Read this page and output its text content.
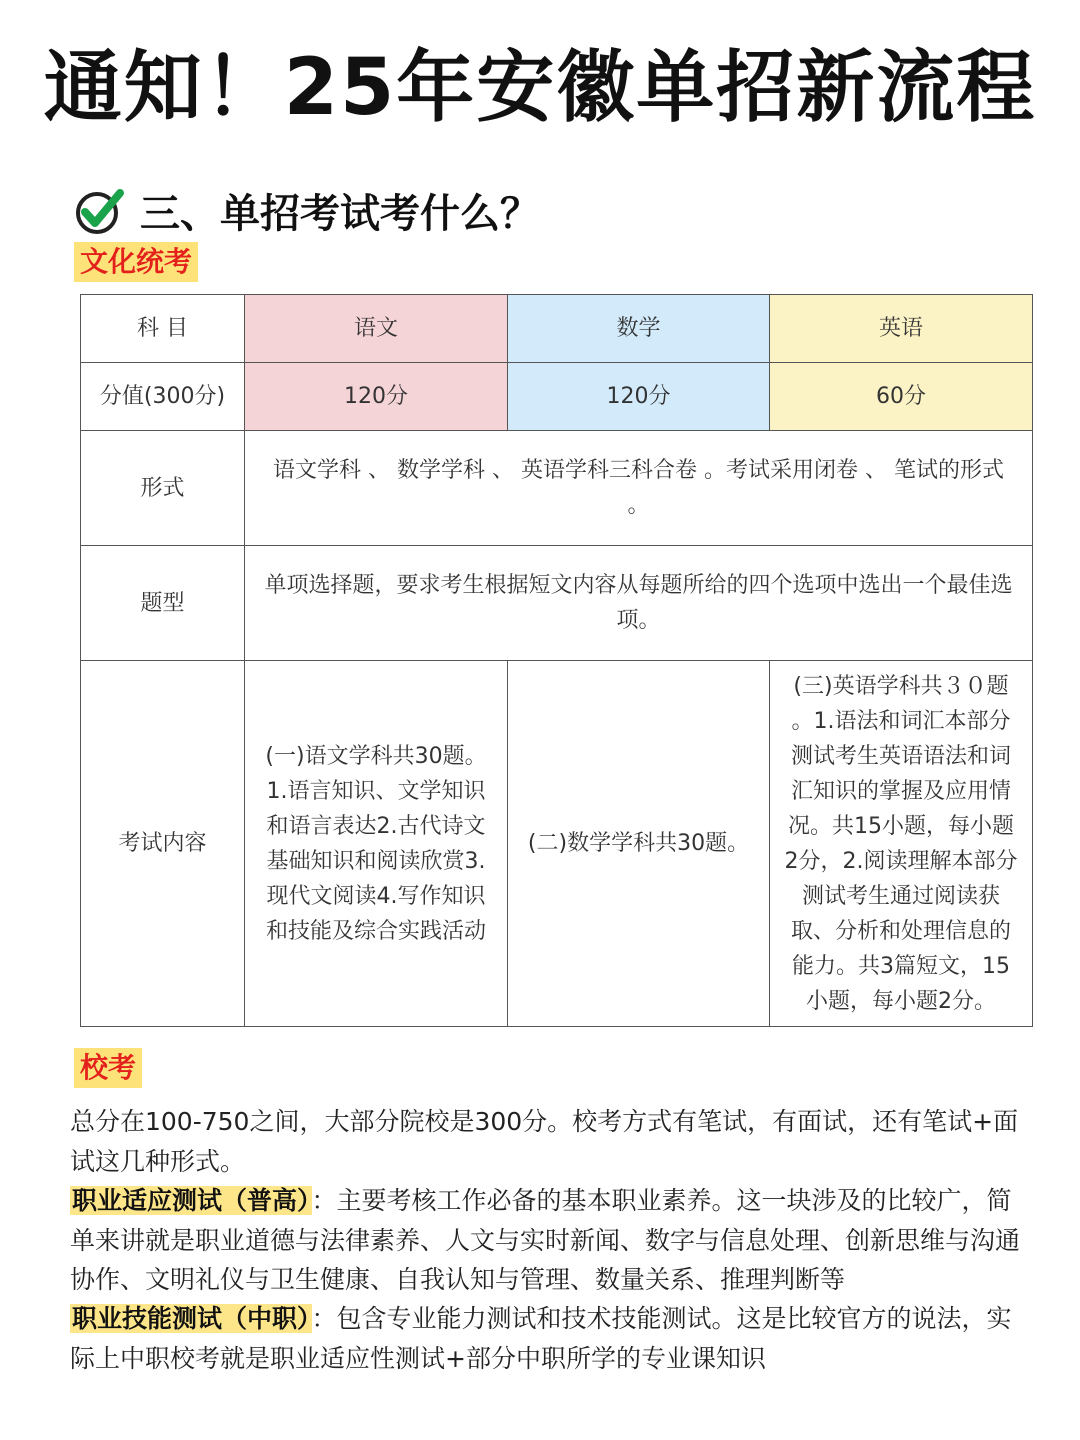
通知！25年安徽单招新流程
三、单招考试考什么？
文化统考
科 目	语文	数学	英语
分值(300分)	120分	120分	60分
形式	语文学科 、 数学学科 、 英语学科三科合卷 。考试采用闭卷 、 笔试的形式 。		
题型	单项选择题，要求考生根据短文内容从每题所给的四个选项中选出一个最佳选项。		
考试内容	(一)语文学科共30题。1.语言知识、文学知识和语言表达2.古代诗文基础知识和阅读欣赏3.现代文阅读4.写作知识和技能及综合实践活动	(二)数学学科共30题。	(三)英语学科共３０题 。1.语法和词汇本部分测试考生英语语法和词汇知识的掌握及应用情况。共15小题，每小题2分，2.阅读理解本部分测试考生通过阅读获取、分析和处理信息的能力。共3篇短文，15小题，每小题2分。
校考
总分在100-750之间，大部分院校是300分。校考方式有笔试，有面试，还有笔试+面试这几种形式。
职业适应测试（普高）：主要考核工作必备的基本职业素养。这一块涉及的比较广，简单来讲就是职业道德与法律素养、人文与实时新闻、数字与信息处理、创新思维与沟通协作、文明礼仪与卫生健康、自我认知与管理、数量关系、推理判断等
职业技能测试（中职）：包含专业能力测试和技术技能测试。这是比较官方的说法，实际上中职校考就是职业适应性测试+部分中职所学的专业课知识
